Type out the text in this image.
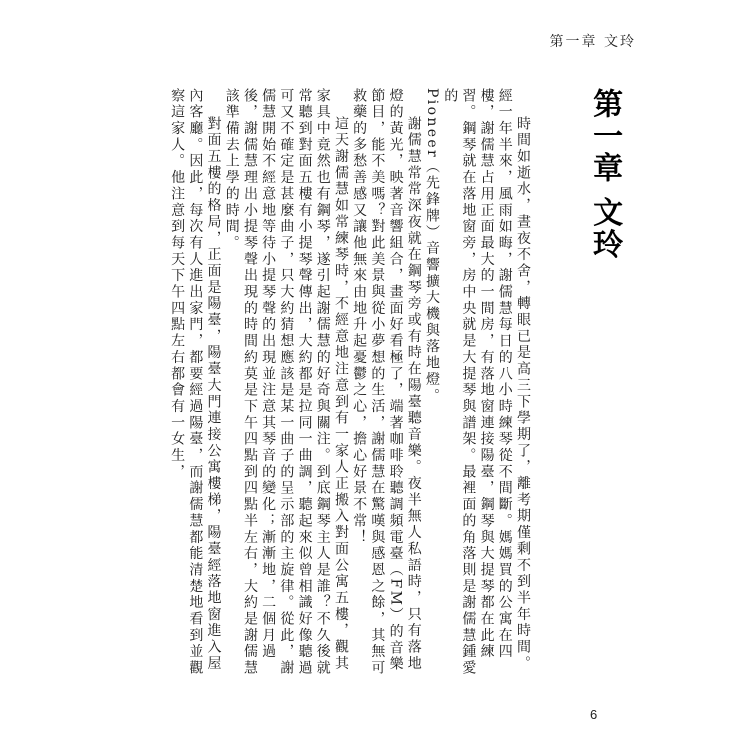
第一章 文玲
第一章 文玲

時間如逝水，晝夜不舍，轉眼已是高三下學期了，離考期僅剩不到半年時間。經一年半來，風雨如晦，謝儒慧每日的八小時練琴從不間斷。媽媽買的公寓在四樓，謝儒慧占用正面最大的一間房，有落地窗連接陽臺，鋼琴與大提琴都在此練習。鋼琴就在落地窗旁，房中央就是大提琴與譜架。最裡面的角落則是謝儒慧鍾愛的

Pioneer（先鋒牌）音響擴大機與落地燈。

謝儒慧常常深夜就在鋼琴旁或有時在陽臺聽音樂。夜半無人私語時，只有落地燈的黃光，映著音響組合，畫面好看極了，端著咖啡聆聽調頻電臺（FM）的音樂節目，能不美嗎？對此美景與從小夢想的生活，謝儒慧在驚嘆與感恩之餘，其無可救藥的多愁善感又讓他無來由地升起憂鬱之心，擔心好景不常！

這天謝儒慧如常練琴時，不經意地注意到有一家人正搬入對面公寓五樓，觀其家具中竟然也有鋼琴，遂引起謝儒慧的好奇與關注。到底鋼琴主人是誰？不久後就常聽到對面五樓有小提琴聲傳出，大約都是拉同一曲調，聽起來似曾相識好像聽過可又不確定是甚麼曲子，只大約猜想應該是某一曲子的呈示部的主旋律。從此，謝儒慧開始不經意地等待小提琴聲的出現並注意其琴音的變化；漸漸地，二個月過後，謝儒慧理出小提琴聲出現的時間約莫是下午四點到四點半左右，大約是謝儒慧該準備去上學的時間。

對面五樓的格局，正面是陽臺，陽臺大門連接公寓樓梯，陽臺經落地窗進入屋內客廳。因此，每次有人進出家門，都要經過陽臺，而謝儒慧都能清楚地看到並觀察這家人。他注意到每天下午四點左右都會有一女生，

6
